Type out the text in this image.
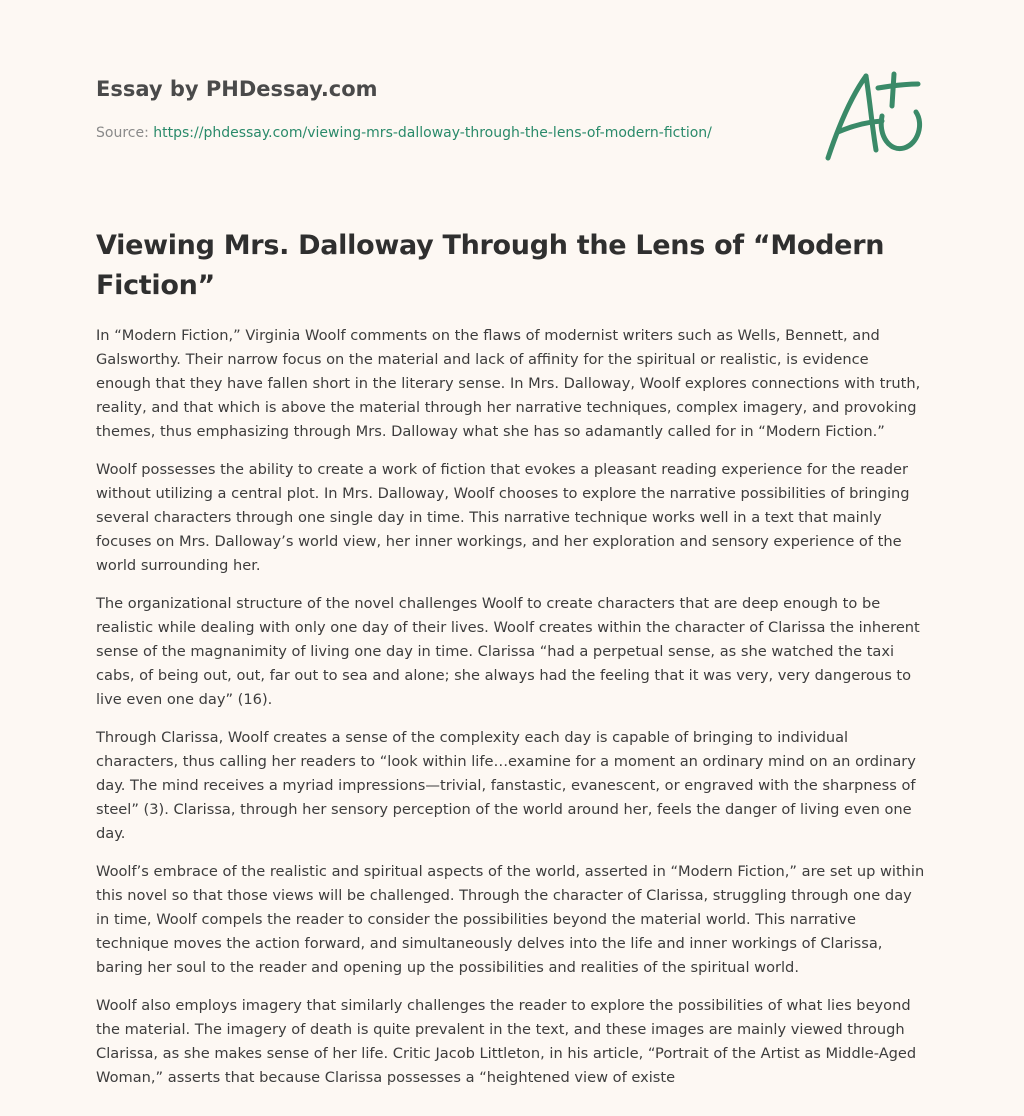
Essay by PHDessay.com
Source: https://phdessay.com/viewing-mrs-dalloway-through-the-lens-of-modern-fiction/
Viewing Mrs. Dalloway Through the Lens of “Modern Fiction”

In “Modern Fiction,” Virginia Woolf comments on the flaws of modernist writers such as Wells, Bennett, and Galsworthy. Their narrow focus on the material and lack of affinity for the spiritual or realistic, is evidence enough that they have fallen short in the literary sense. In Mrs. Dalloway, Woolf explores connections with truth, reality, and that which is above the material through her narrative techniques, complex imagery, and provoking themes, thus emphasizing through Mrs. Dalloway what she has so adamantly called for in “Modern Fiction.”

Woolf possesses the ability to create a work of fiction that evokes a pleasant reading experience for the reader without utilizing a central plot. In Mrs. Dalloway, Woolf chooses to explore the narrative possibilities of bringing several characters through one single day in time. This narrative technique works well in a text that mainly focuses on Mrs. Dalloway’s world view, her inner workings, and her exploration and sensory experience of the world surrounding her.

The organizational structure of the novel challenges Woolf to create characters that are deep enough to be realistic while dealing with only one day of their lives. Woolf creates within the character of Clarissa the inherent sense of the magnanimity of living one day in time. Clarissa “had a perpetual sense, as she watched the taxi cabs, of being out, out, far out to sea and alone; she always had the feeling that it was very, very dangerous to live even one day” (16).

Through Clarissa, Woolf creates a sense of the complexity each day is capable of bringing to individual characters, thus calling her readers to “look within life…examine for a moment an ordinary mind on an ordinary day. The mind receives a myriad impressions—trivial, fanstastic, evanescent, or engraved with the sharpness of steel” (3). Clarissa, through her sensory perception of the world around her, feels the danger of living even one day.

Woolf’s embrace of the realistic and spiritual aspects of the world, asserted in “Modern Fiction,” are set up within this novel so that those views will be challenged. Through the character of Clarissa, struggling through one day in time, Woolf compels the reader to consider the possibilities beyond the material world. This narrative technique moves the action forward, and simultaneously delves into the life and inner workings of Clarissa, baring her soul to the reader and opening up the possibilities and realities of the spiritual world.

Woolf also employs imagery that similarly challenges the reader to explore the possibilities of what lies beyond the material. The imagery of death is quite prevalent in the text, and these images are mainly viewed through Clarissa, as she makes sense of her life. Critic Jacob Littleton, in his article, “Portrait of the Artist as Middle-Aged Woman,” asserts that because Clarissa possesses a “heightened view of existe
